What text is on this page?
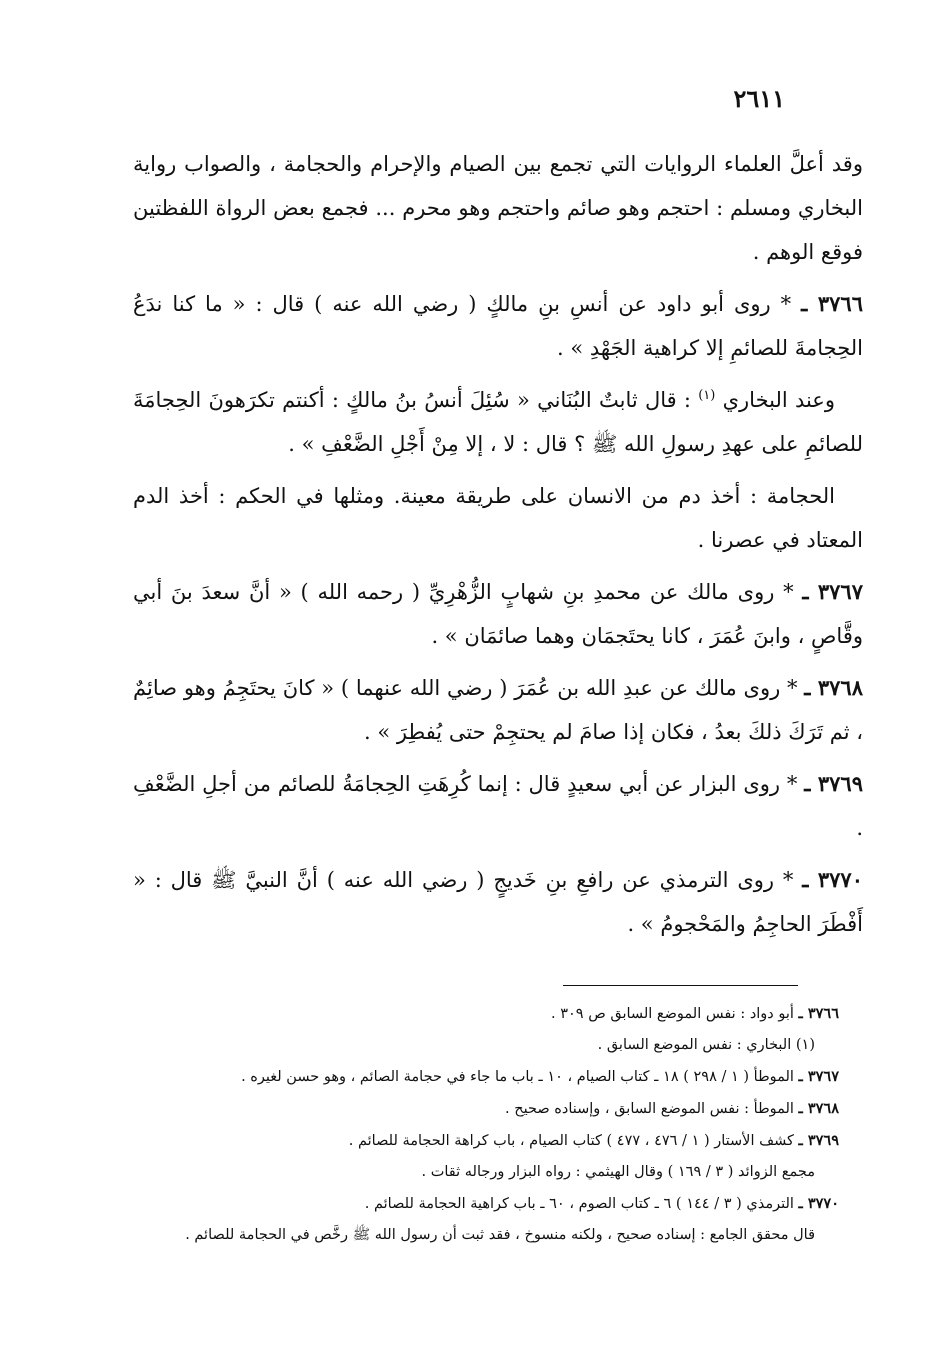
٢٦١١

وقد أعلَّ العلماء الروايات التي تجمع بين الصيام والإحرام والحجامة ، والصواب رواية البخاري ومسلم : احتجم وهو صائم واحتجم وهو محرم ... فجمع بعض الرواة اللفظتين فوقع الوهم .

٣٧٦٦ ـ * روى أبو داود عن أنسِ بنِ مالكٍ ( رضي الله عنه ) قال : « ما كنا ندَعُ الحِجامةَ للصائمِ إلا كراهية الجَهْدِ » .

وعند البخاري $^{(١)}$ : قال ثابتٌ البُنَاني « سُئِلَ أنسُ بنُ مالكٍ : أكنتم تكرَهونَ الحِجامَةَ للصائمِ على عهدِ رسولِ الله ﷺ ؟ قال : لا ، إلا مِنْ أَجْلِ الضَّعْفِ » .

الحجامة : أخذ دم من الانسان على طريقة معينة. ومثلها في الحكم : أخذ الدم المعتاد في عصرنا .

٣٧٦٧ ـ * روى مالك عن محمدِ بنِ شهابٍ الزُّهْرِيِّ ( رحمه الله ) « أنَّ سعدَ بنَ أبي وقَّاصٍ ، وابنَ عُمَرَ ، كانا يحتَجمَان وهما صائمَان » .

٣٧٦٨ ـ * روى مالك عن عبدِ الله بن عُمَرَ ( رضي الله عنهما ) « كانَ يحتَجِمُ وهو صائِمٌ ، ثم تَرَكَ ذلكَ بعدُ ، فكان إذا صامَ لم يحتجِمْ حتى يُفطِرَ » .

٣٧٦٩ ـ * روى البزار عن أبي سعيدٍ قال : إنما كُرِهَتِ الحِجامَةُ للصائم من أجلِ الضَّعْفِ .

٣٧٧٠ ـ * روى الترمذي عن رافعِ بنِ خَديجٍ ( رضي الله عنه ) أنَّ النبيَّ ﷺ قال : « أَفْطَرَ الحاجِمُ والمَحْجومُ » .

٣٧٦٦ ـ أبو دواد : نفس الموضع السابق ص ٣٠٩ .

(١) البخاري : نفس الموضع السابق .

٣٧٦٧ ـ الموطأ ( ١ / ٢٩٨ ) ١٨ ـ كتاب الصيام ، ١٠ ـ باب ما جاء في حجامة الصائم ، وهو حسن لغيره .

٣٧٦٨ ـ الموطأ : نفس الموضع السابق ، وإسناده صحيح .

٣٧٦٩ ـ كشف الأستار ( ١ / ٤٧٦ ، ٤٧٧ ) كتاب الصيام ، باب كراهة الحجامة للصائم .

مجمع الزوائد ( ٣ / ١٦٩ ) وقال الهيثمي : رواه البزار ورجاله ثقات .

٣٧٧٠ ـ الترمذي ( ٣ / ١٤٤ ) ٦ ـ كتاب الصوم ، ٦٠ ـ باب كراهية الحجامة للصائم .

قال محقق الجامع : إسناده صحيح ، ولكنه منسوخ ، فقد ثبت أن رسول الله ﷺ رخَّص في الحجامة للصائم .
